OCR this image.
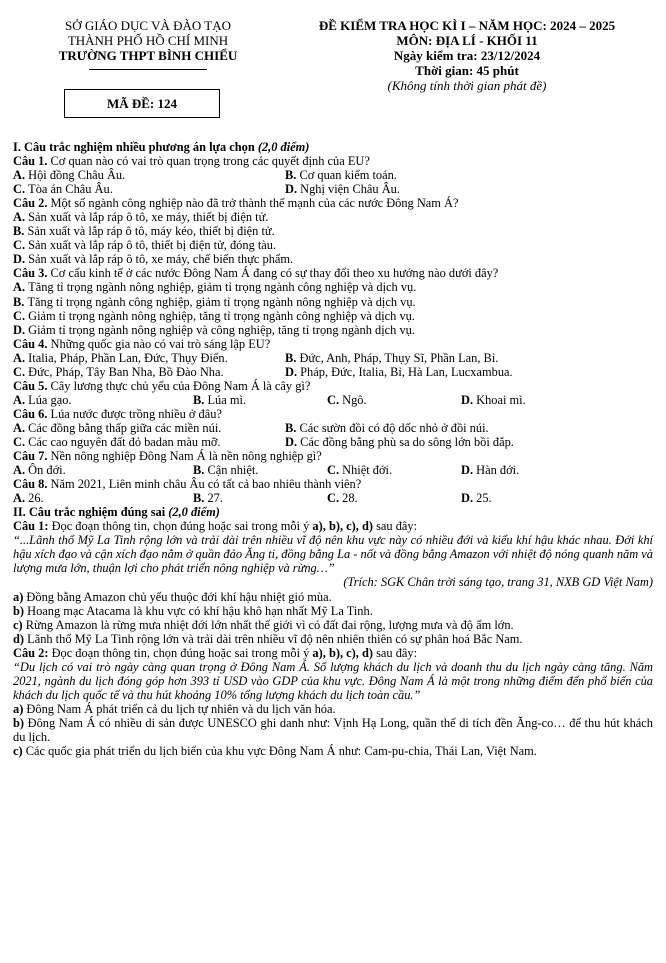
SỞ GIÁO DỤC VÀ ĐÀO TẠO
THÀNH PHỐ HỒ CHÍ MINH
TRƯỜNG THPT BÌNH CHIỂU
MÃ ĐỀ: 124
ĐỀ KIỂM TRA HỌC KÌ I – NĂM HỌC: 2024 – 2025
MÔN: ĐỊA LÍ - KHỐI 11
Ngày kiểm tra: 23/12/2024
Thời gian: 45 phút
(Không tính thời gian phát đề)
I. Câu trắc nghiệm nhiều phương án lựa chọn (2,0 điểm)
Câu 1. Cơ quan nào có vai trò quan trọng trong các quyết định của EU?
A. Hội đồng Châu Âu.	B. Cơ quan kiểm toán.
C. Tòa án Châu Âu.	D. Nghị viện Châu Âu.
Câu 2. Một số ngành công nghiệp nào đã trở thành thế mạnh của các nước Đông Nam Á?
A. Sản xuất và lắp ráp ô tô, xe máy, thiết bị điện tử.
B. Sản xuất và lắp ráp ô tô, máy kéo, thiết bị điện tử.
C. Sản xuất và lắp ráp ô tô, thiết bị điện tử, đóng tàu.
D. Sản xuất và lắp ráp ô tô, xe máy, chế biến thực phẩm.
Câu 3. Cơ cấu kinh tế ở các nước Đông Nam Á đang có sự thay đổi theo xu hướng nào dưới đây?
A. Tăng tỉ trọng ngành nông nghiệp, giảm tỉ trọng ngành công nghiệp và dịch vụ.
B. Tăng tỉ trọng ngành công nghiệp, giảm tỉ trọng ngành nông nghiệp và dịch vụ.
C. Giảm tỉ trọng ngành nông nghiệp, tăng tỉ trọng ngành công nghiệp và dịch vụ.
D. Giảm tỉ trọng ngành nông nghiệp và công nghiệp, tăng tỉ trọng ngành dịch vụ.
Câu 4. Những quốc gia nào có vai trò sáng lập EU?
A. Italia, Pháp, Phần Lan, Đức, Thụy Điển.	B. Đức, Anh, Pháp, Thụy Sĩ, Phần Lan, Bỉ.
C. Đức, Pháp, Tây Ban Nha, Bồ Đào Nha.	D. Pháp, Đức, Italia, Bỉ, Hà Lan, Lucxambua.
Câu 5. Cây lương thực chủ yếu của Đông Nam Á là cây gì?
A. Lúa gạo.	B. Lúa mì.	C. Ngô.	D. Khoai mì.
Câu 6. Lúa nước được trồng nhiều ở đâu?
A. Các đồng bằng thấp giữa các miền núi.	B. Các sườn đồi có độ dốc nhỏ ở đồi núi.
C. Các cao nguyên đất đỏ badan màu mỡ.	D. Các đồng bằng phù sa do sông lớn bồi đắp.
Câu 7. Nền nông nghiệp Đông Nam Á là nền nông nghiệp gì?
A. Ôn đới.	B. Cận nhiệt.	C. Nhiệt đới.	D. Hàn đới.
Câu 8. Năm 2021, Liên minh châu Âu có tất cả bao nhiêu thành viên?
A. 26.	B. 27.	C. 28.	D. 25.
II. Câu trắc nghiệm đúng sai (2,0 điểm)
Câu 1: Đọc đoạn thông tin, chọn đúng hoặc sai trong mỗi ý a), b), c), d) sau đây:
“...Lãnh thổ Mỹ La Tinh rộng lớn và trải dài trên nhiều vĩ độ nên khu vực này có nhiều đới và kiểu khí hậu khác nhau. Đới khí hậu xích đạo và cận xích đạo nằm ở quần đảo Ăng ti, đồng bằng La - nốt và đồng bằng Amazon với nhiệt độ nóng quanh năm và lượng mưa lớn, thuận lợi cho phát triển nông nghiệp và rừng…”
(Trích: SGK Chân trời sáng tạo, trang 31, NXB GD Việt Nam)
a) Đồng bằng Amazon chủ yếu thuộc đới khí hậu nhiệt gió mùa.
b) Hoang mạc Atacama là khu vực có khí hậu khô hạn nhất Mỹ La Tinh.
c) Rừng Amazon là rừng mưa nhiệt đới lớn nhất thế giới vì có đất đai rộng, lượng mưa và độ ẩm lớn.
d) Lãnh thổ Mỹ La Tinh rộng lớn và trải dài trên nhiều vĩ độ nên nhiên thiên có sự phân hoá Bắc Nam.
Câu 2: Đọc đoạn thông tin, chọn đúng hoặc sai trong mỗi ý a), b), c), d) sau đây:
“Du lịch có vai trò ngày càng quan trọng ở Đông Nam Á. Số lượng khách du lịch và doanh thu du lịch ngày càng tăng. Năm 2021, ngành du lịch đóng góp hơn 393 tỉ USD vào GDP của khu vực. Đông Nam Á là một trong những điểm đến phổ biến của khách du lịch quốc tế và thu hút khoảng 10% tổng lượng khách du lịch toàn cầu.”
a) Đông Nam Á phát triển cả du lịch tự nhiên và du lịch văn hóa.
b) Đông Nam Á có nhiều di sản được UNESCO ghi danh như: Vịnh Hạ Long, quần thể di tích đền Ăng-co… để thu hút khách du lịch.
c) Các quốc gia phát triển du lịch biển của khu vực Đông Nam Á như: Cam-pu-chia, Thái Lan, Việt Nam.
